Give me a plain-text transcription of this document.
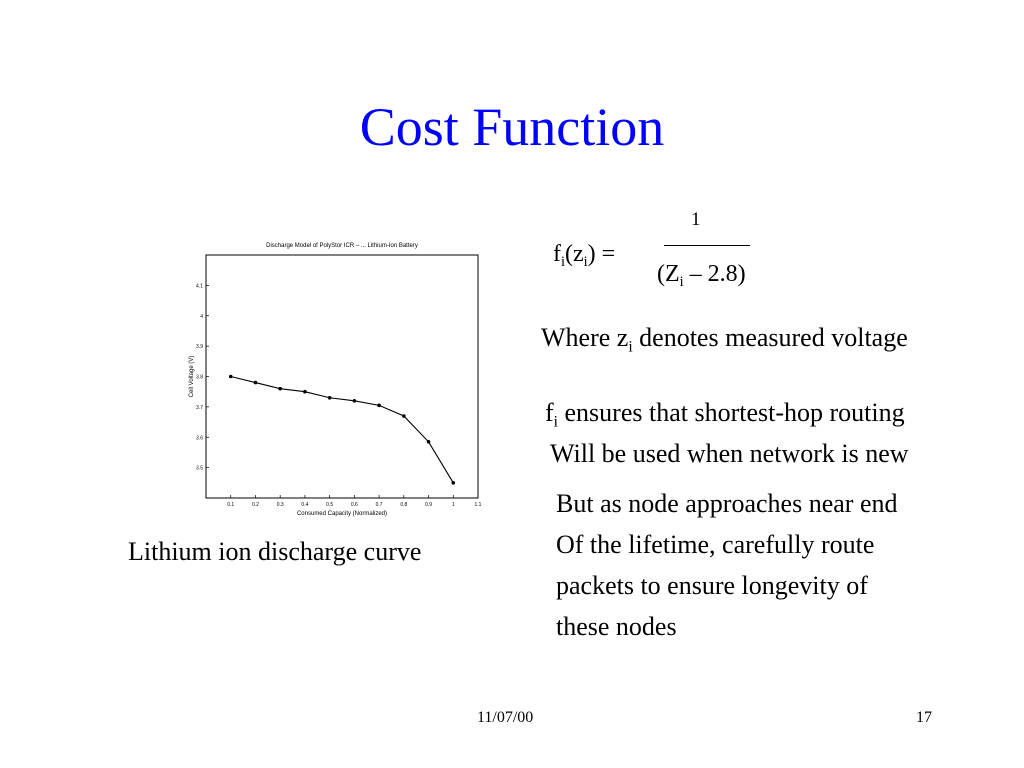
Cost Function
$f_i(z_i)$ =
1
$(Z_i - 2.8)$
Where $z_i$ denotes measured voltage
$f_i$ ensures that shortest-hop routing
Will be used when network is new
But as node approaches near end
Of the lifetime, carefully route
packets to ensure longevity of
these nodes
Lithium ion discharge curve
0.1	0.2	0.3	0.4	0.5	0.6	0.7	0.8	0.9	1	1.1
3.5
3.6
3.7
3.8
3.9
4
4.1
Discharge Model of PolyStor ICR – ... Lithium-Ion Battery
Consumed Capacity (Normalized)
Cell Voltage (V)
11/07/00	17
